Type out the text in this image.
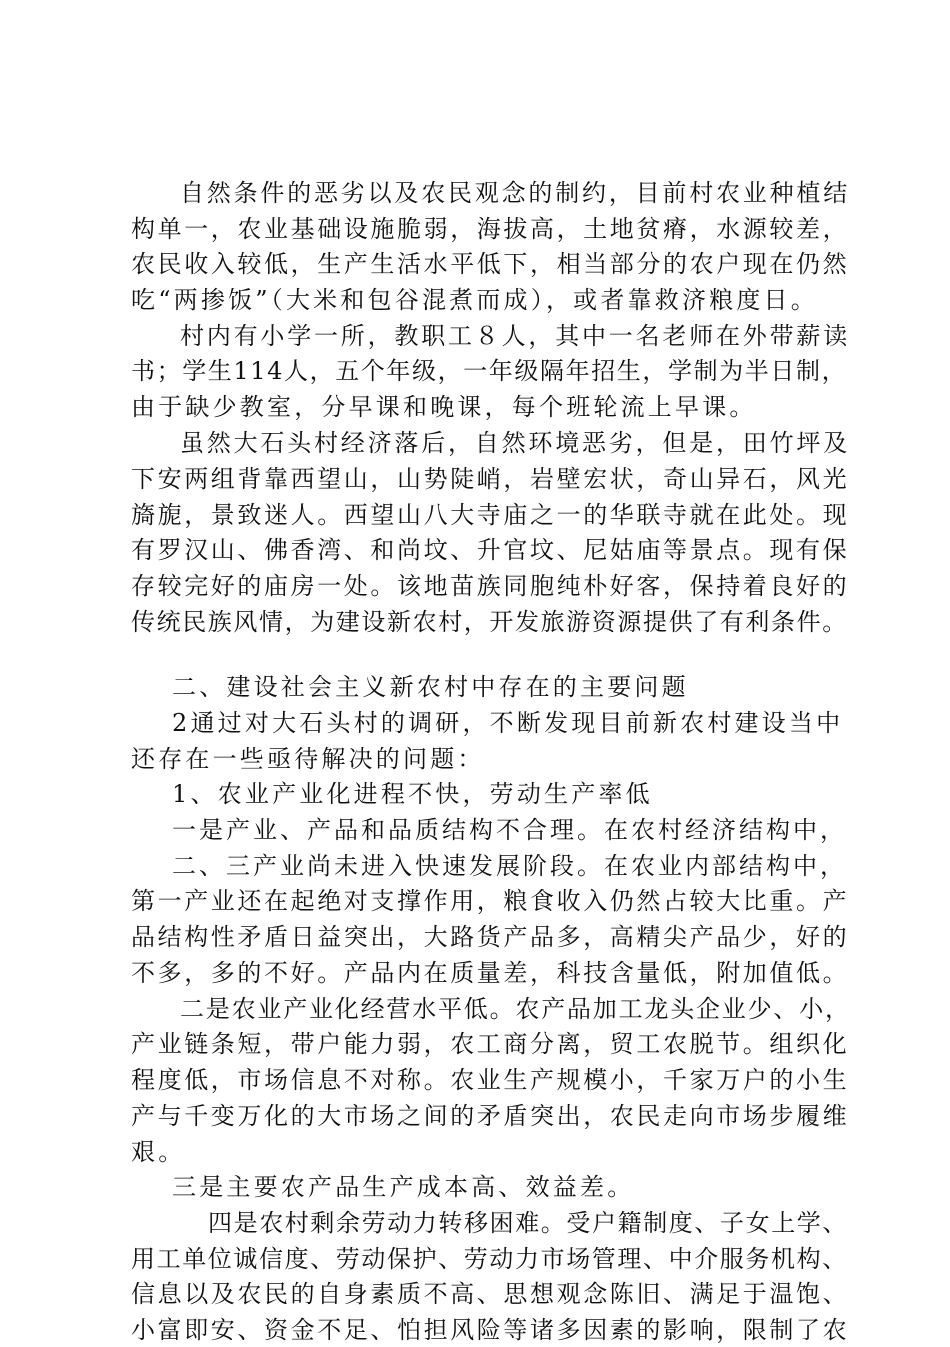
自然条件的恶劣以及农民观念的制约，目前村农业种植结
构单一，农业基础设施脆弱，海拔高，土地贫瘠，水源较差，
农民收入较低，生产生活水平低下，相当部分的农户现在仍然
吃“两掺饭”（大米和包谷混煮而成），或者靠救济粮度日。
村内有小学一所，教职工８人，其中一名老师在外带薪读
书；学生114人，五个年级，一年级隔年招生，学制为半日制，
由于缺少教室，分早课和晚课，每个班轮流上早课。
虽然大石头村经济落后，自然环境恶劣，但是，田竹坪及
下安两组背靠西望山，山势陡峭，岩壁宏状，奇山异石，风光
旖旎，景致迷人。西望山八大寺庙之一的华联寺就在此处。现
有罗汉山、佛香湾、和尚坟、升官坟、尼姑庙等景点。现有保
存较完好的庙房一处。该地苗族同胞纯朴好客，保持着良好的
传统民族风情，为建设新农村，开发旅游资源提供了有利条件。
二、建设社会主义新农村中存在的主要问题
2通过对大石头村的调研，不断发现目前新农村建设当中
还存在一些亟待解决的问题：
1、农业产业化进程不快，劳动生产率低
一是产业、产品和品质结构不合理。在农村经济结构中，
二、三产业尚未进入快速发展阶段。在农业内部结构中，
第一产业还在起绝对支撑作用，粮食收入仍然占较大比重。产
品结构性矛盾日益突出，大路货产品多，高精尖产品少，好的
不多，多的不好。产品内在质量差，科技含量低，附加值低。
二是农业产业化经营水平低。农产品加工龙头企业少、小，
产业链条短，带户能力弱，农工商分离，贸工农脱节。组织化
程度低，市场信息不对称。农业生产规模小，千家万户的小生
产与千变万化的大市场之间的矛盾突出，农民走向市场步履维
艰。
三是主要农产品生产成本高、效益差。
四是农村剩余劳动力转移困难。受户籍制度、子女上学、
用工单位诚信度、劳动保护、劳动力市场管理、中介服务机构、
信息以及农民的自身素质不高、思想观念陈旧、满足于温饱、
小富即安、资金不足、怕担风险等诸多因素的影响，限制了农
